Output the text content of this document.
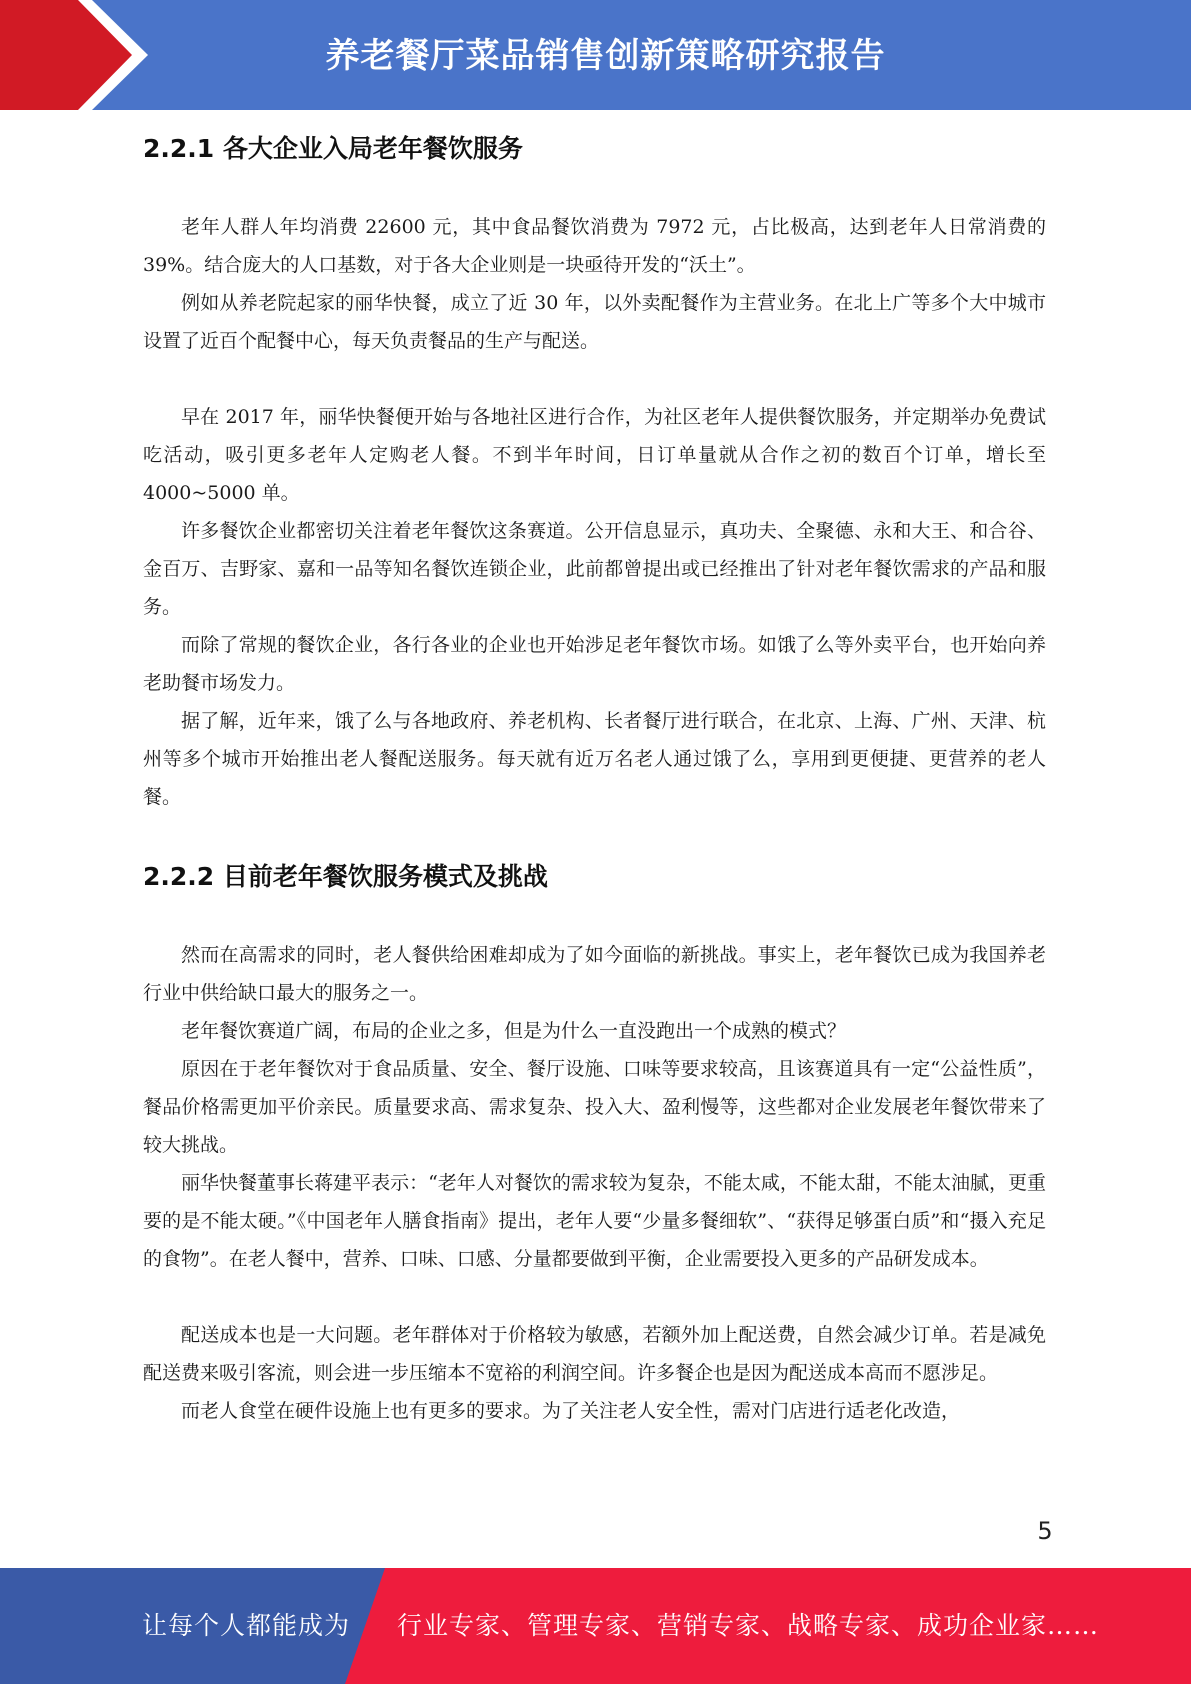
养老餐厅菜品销售创新策略研究报告
2.2.1 各大企业入局老年餐饮服务

老年人群人年均消费 22600 元，其中食品餐饮消费为 7972 元，占比极高，达到老年人日常消费的 39%。结合庞大的人口基数，对于各大企业则是一块亟待开发的“沃土”。

例如从养老院起家的丽华快餐，成立了近 30 年，以外卖配餐作为主营业务。在北上广等多个大中城市设置了近百个配餐中心，每天负责餐品的生产与配送。

早在 2017 年，丽华快餐便开始与各地社区进行合作，为社区老年人提供餐饮服务，并定期举办免费试吃活动，吸引更多老年人定购老人餐。不到半年时间，日订单量就从合作之初的数百个订单，增长至 4000~5000 单。

许多餐饮企业都密切关注着老年餐饮这条赛道。公开信息显示，真功夫、全聚德、永和大王、和合谷、金百万、吉野家、嘉和一品等知名餐饮连锁企业，此前都曾提出或已经推出了针对老年餐饮需求的产品和服务。

而除了常规的餐饮企业，各行各业的企业也开始涉足老年餐饮市场。如饿了么等外卖平台，也开始向养老助餐市场发力。

据了解，近年来，饿了么与各地政府、养老机构、长者餐厅进行联合，在北京、上海、广州、天津、杭州等多个城市开始推出老人餐配送服务。每天就有近万名老人通过饿了么，享用到更便捷、更营养的老人餐。

2.2.2 目前老年餐饮服务模式及挑战

然而在高需求的同时，老人餐供给困难却成为了如今面临的新挑战。事实上，老年餐饮已成为我国养老行业中供给缺口最大的服务之一。

老年餐饮赛道广阔，布局的企业之多，但是为什么一直没跑出一个成熟的模式？

原因在于老年餐饮对于食品质量、安全、餐厅设施、口味等要求较高，且该赛道具有一定“公益性质”，餐品价格需更加平价亲民。质量要求高、需求复杂、投入大、盈利慢等，这些都对企业发展老年餐饮带来了较大挑战。

丽华快餐董事长蒋建平表示：“老年人对餐饮的需求较为复杂，不能太咸，不能太甜，不能太油腻，更重要的是不能太硬。”《中国老年人膳食指南》提出，老年人要“少量多餐细软”、“获得足够蛋白质”和“摄入充足的食物”。在老人餐中，营养、口味、口感、分量都要做到平衡，企业需要投入更多的产品研发成本。

配送成本也是一大问题。老年群体对于价格较为敏感，若额外加上配送费，自然会减少订单。若是减免配送费来吸引客流，则会进一步压缩本不宽裕的利润空间。许多餐企也是因为配送成本高而不愿涉足。

而老人食堂在硬件设施上也有更多的要求。为了关注老人安全性，需对门店进行适老化改造，

5
让每个人都能成为 行业专家、管理专家、营销专家、战略专家、成功企业家……
